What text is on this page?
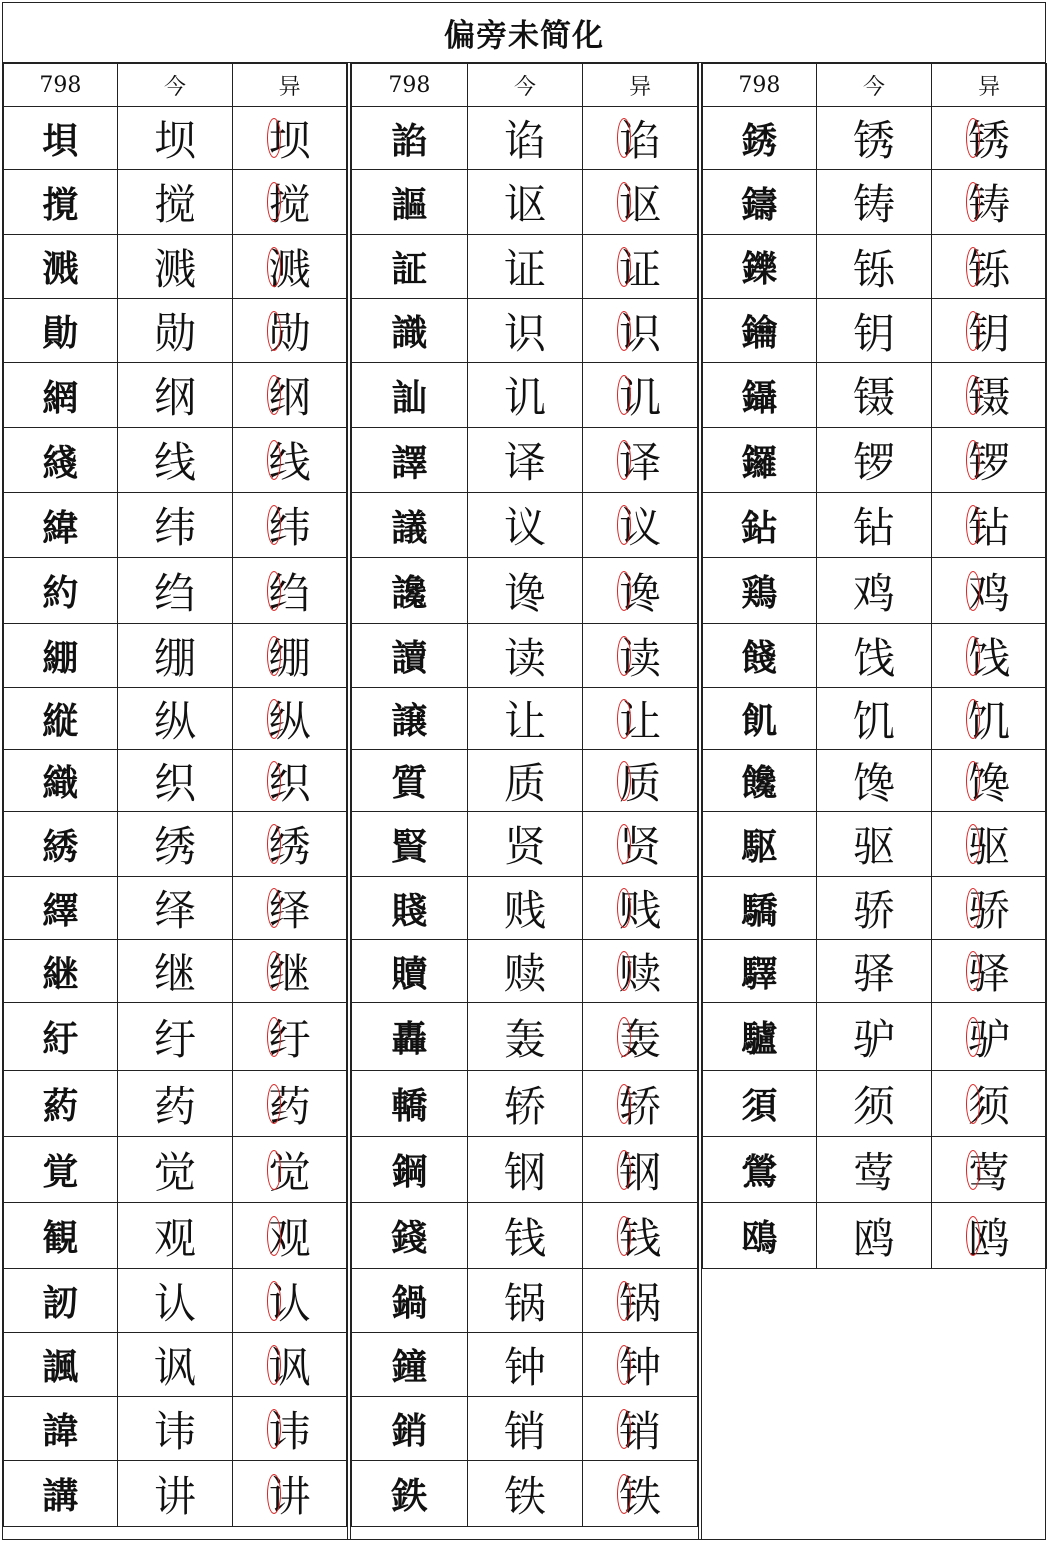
偏旁未简化
798	今	异
垻	坝	坝

撹	搅	搅

溅	溅	溅

勛	勋	勋

網	纲	纲

綫	线	线

緯	纬	纬

約	绉	绉

綳	绷	绷

縦	纵	纵

織	织	织

綉	绣	绣

繹	绎	绎

継	继	继

紆	纡	纡

葯	药	药

覚	觉	觉

観	观	观

訒	认	认

諷	讽	讽

諱	讳	讳

講	讲	讲
798	今	异
諂	谄	谄

謳	讴	讴

証	证	证

識	识	识

訕	讥	讥

譯	译	译

議	议	议

讒	谗	谗

讀	读	读

譲	让	让

質	质	质

賢	贤	贤

賤	贱	贱

贖	赎	赎

轟	轰	轰

轎	轿	轿

鋼	钢	钢

錢	钱	钱

鍋	锅	锅

鐘	钟	钟

銷	销	销

鉄	铁	铁
798	今	异
銹	锈	锈

鑄	铸	铸

鑠	铄	铄

鑰	钥	钥

鑷	镊	镊

鑼	锣	锣

鉆	钻	钻

鶏	鸡	鸡

餞	饯	饯

飢	饥	饥

饞	馋	馋

駆	驱	驱

驕	骄	骄

驛	驿	驿

驢	驴	驴

須	须	须

鶯	莺	莺

鴎	鸥	鸥
